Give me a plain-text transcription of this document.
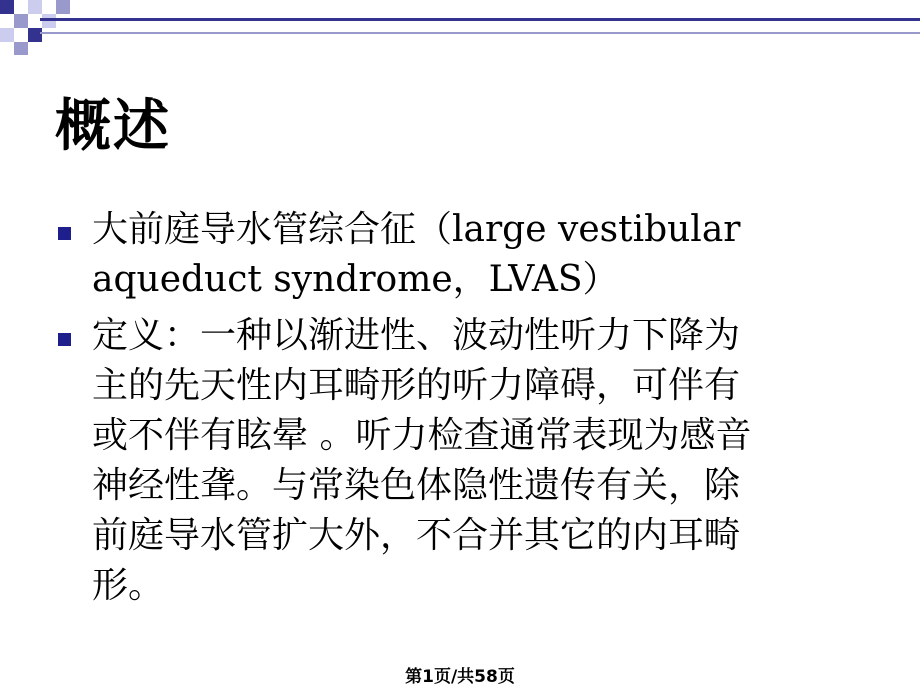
概述
大前庭导水管综合征（large vestibular
aqueduct syndrome，LVAS）
定义：一种以渐进性、波动性听力下降为
主的先天性内耳畸形的听力障碍，可伴有
或不伴有眩晕 。听力检查通常表现为感音
神经性聋。与常染色体隐性遗传有关，除
前庭导水管扩大外，不合并其它的内耳畸
形。
第1页/共58页
